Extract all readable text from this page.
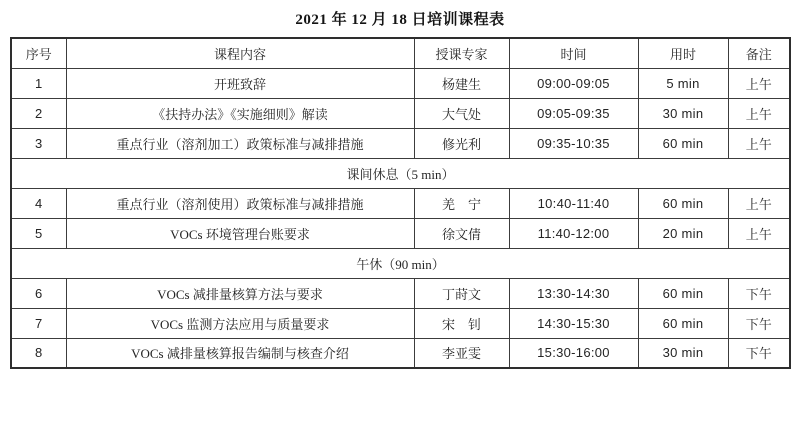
2021 年 12 月 18 日培训课程表
序号	课程内容	授课专家	时间	用时	备注
1	开班致辞	杨建生	09:00-09:05	5 min	上午
2	《扶持办法》《实施细则》解读	大气处	09:05-09:35	30 min	上午
3	重点行业（溶剂加工）政策标准与减排措施	修光利	09:35-10:35	60 min	上午
课间休息（5 min）					
4	重点行业（溶剂使用）政策标准与减排措施	羌　宁	10:40-11:40	60 min	上午
5	VOCs 环境管理台账要求	徐文倩	11:40-12:00	20 min	上午
午休（90 min）					
6	VOCs 减排量核算方法与要求	丁莳文	13:30-14:30	60 min	下午
7	VOCs 监测方法应用与质量要求	宋　钊	14:30-15:30	60 min	下午
8	VOCs 减排量核算报告编制与核查介绍	李亚雯	15:30-16:00	30 min	下午
